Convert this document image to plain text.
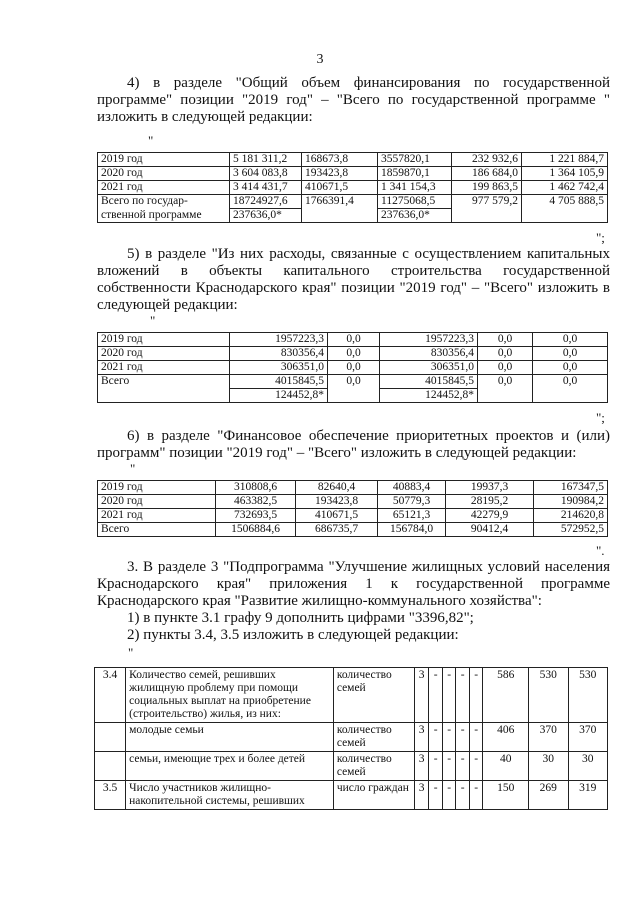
3
4) в разделе "Общий объем финансирования по государственной программе" позиции "2019 год" – "Всего по государственной программе " изложить в следующей редакции:
"
2019 год	5 181 311,2	168673,8	3557820,1	232 932,6	1 221 884,7
2020 год	3 604 083,8	193423,8	1859870,1	186 684,0	1 364 105,9
2021 год	3 414 431,7	410671,5	1 341 154,3	199 863,5	1 462 742,4
Всего по государ-	18724927,6	1766391,4	11275068,5	977 579,2	4 705 888,5
ственной программе	237636,0*		237636,0*		
";
5) в разделе "Из них расходы, связанные с осуществлением капитальных вложений в объекты капитального строительства государственной собственности Краснодарского края" позиции "2019 год" – "Всего" изложить в следующей редакции:
"
2019 год	1957223,3	0,0	1957223,3	0,0	0,0
2020 год	830356,4	0,0	830356,4	0,0	0,0
2021 год	306351,0	0,0	306351,0	0,0	0,0
Всего	4015845,5	0,0	4015845,5	0,0	0,0
	124452,8*		124452,8*		
";
6) в разделе "Финансовое обеспечение приоритетных проектов и (или) программ" позиции "2019 год" – "Всего" изложить в следующей редакции:
"
2019 год	310808,6	82640,4	40883,4	19937,3	167347,5
2020 год	463382,5	193423,8	50779,3	28195,2	190984,2
2021 год	732693,5	410671,5	65121,3	42279,9	214620,8
Всего	1506884,6	686735,7	156784,0	90412,4	572952,5
".
3. В разделе 3 "Подпрограмма "Улучшение жилищных условий населения Краснодарского края" приложения 1 к государственной программе Краснодарского края "Развитие жилищно-коммунального хозяйства":
1) в пункте 3.1 графу 9 дополнить цифрами "3396,82";
2) пункты 3.4, 3.5 изложить в следующей редакции:
"
3.4	Количество семей, решивших жилищную проблему при помощи социальных выплат на приобретение (строительство) жилья, из них:	количество семей	3	-	-	-	-	586	530	530
	молодые семьи	количество семей	3	-	-	-	-	406	370	370
	семьи, имеющие трех и более детей	количество семей	3	-	-	-	-	40	30	30
3.5	Число участников жилищно-накопительной системы, решивших	число граждан	3	-	-	-	-	150	269	319
